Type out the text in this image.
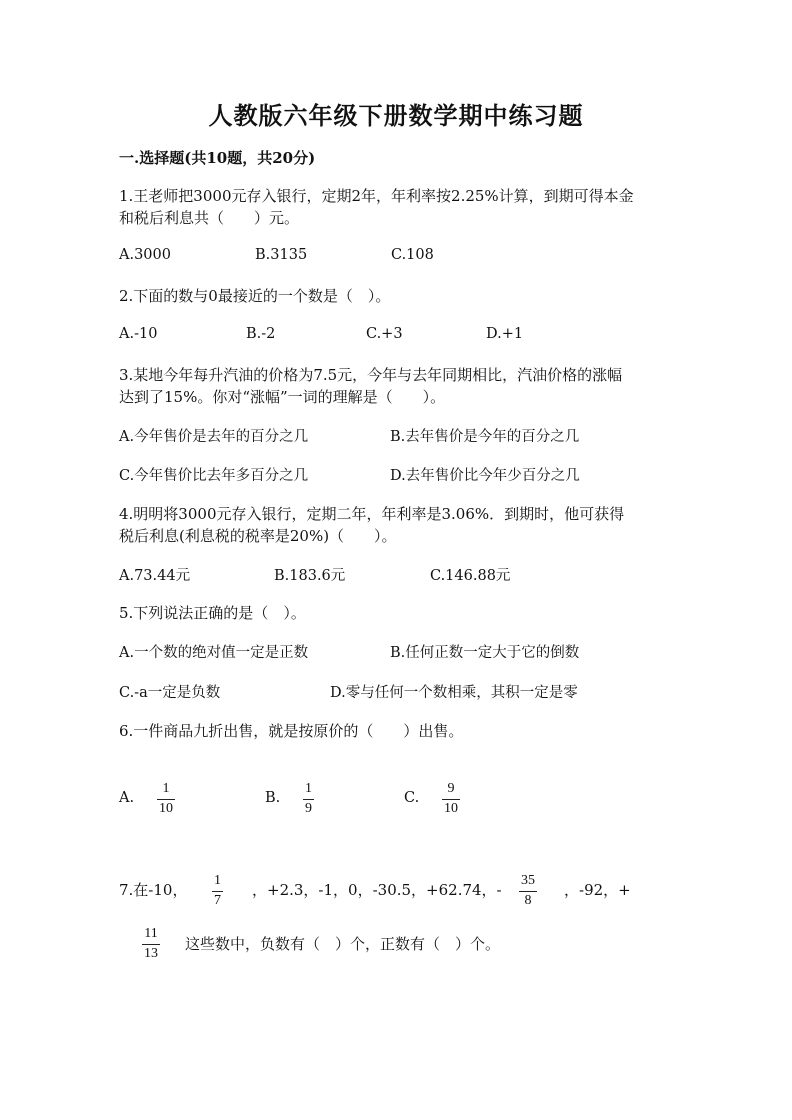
人教版六年级下册数学期中练习题
一.选择题(共10题，共20分)
1.王老师把3000元存入银行，定期2年，年利率按2.25%计算，到期可得本金
和税后利息共（　　）元。
A.3000	B.3135	C.108
2.下面的数与0最接近的一个数是（　）。
A.-10	B.-2	C.+3	D.+1
3.某地今年每升汽油的价格为7.5元，今年与去年同期相比，汽油价格的涨幅
达到了15%。你对“涨幅”一词的理解是（　　）。
A.今年售价是去年的百分之几	B.去年售价是今年的百分之几
C.今年售价比去年多百分之几	D.去年售价比今年少百分之几
4.明明将3000元存入银行，定期二年，年利率是3.06%．到期时，他可获得
税后利息(利息税的税率是20%)（　　）。
A.73.44元	B.183.6元	C.146.88元
5.下列说法正确的是（　）。
A.一个数的绝对值一定是正数	B.任何正数一定大于它的倒数
C.-a一定是负数	D.零与任何一个数相乘，其积一定是零
6.一件商品九折出售，就是按原价的（　　）出售。
A.
1
10
B.
1
9
C.
9
10
7.在-10，
1
7
，+2.3，-1，0，-30.5，+62.74，-
35
8
，-92，+
11
13
这些数中，负数有（　）个，正数有（　）个。
